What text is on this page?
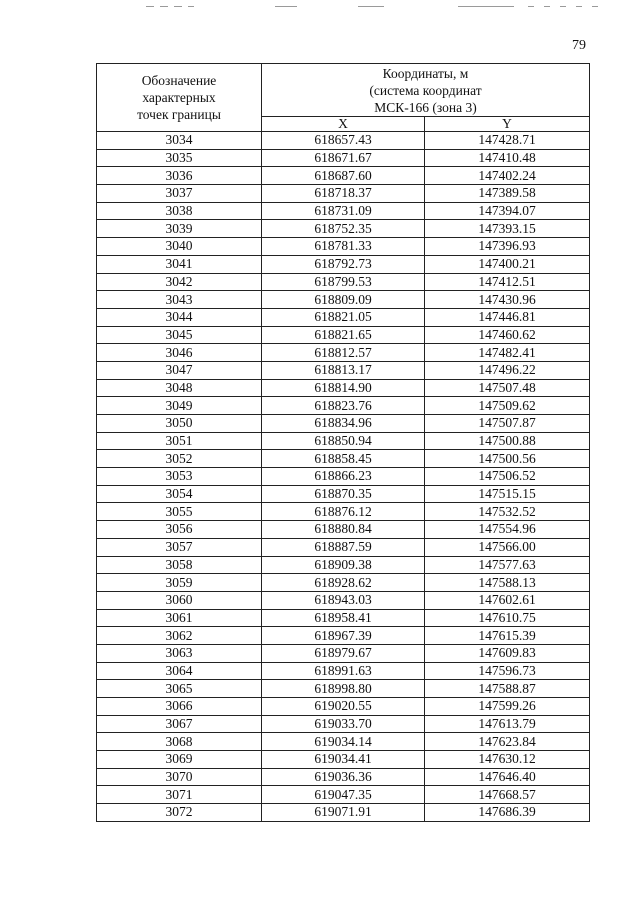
79
Обозначение
характерных
точек границы	Координаты, м
(система координат
МСК-166 (зона 3)	

	X	Y
3034	618657.43	147428.71
3035	618671.67	147410.48
3036	618687.60	147402.24
3037	618718.37	147389.58
3038	618731.09	147394.07
3039	618752.35	147393.15
3040	618781.33	147396.93
3041	618792.73	147400.21
3042	618799.53	147412.51
3043	618809.09	147430.96
3044	618821.05	147446.81
3045	618821.65	147460.62
3046	618812.57	147482.41
3047	618813.17	147496.22
3048	618814.90	147507.48
3049	618823.76	147509.62
3050	618834.96	147507.87
3051	618850.94	147500.88
3052	618858.45	147500.56
3053	618866.23	147506.52
3054	618870.35	147515.15
3055	618876.12	147532.52
3056	618880.84	147554.96
3057	618887.59	147566.00
3058	618909.38	147577.63
3059	618928.62	147588.13
3060	618943.03	147602.61
3061	618958.41	147610.75
3062	618967.39	147615.39
3063	618979.67	147609.83
3064	618991.63	147596.73
3065	618998.80	147588.87
3066	619020.55	147599.26
3067	619033.70	147613.79
3068	619034.14	147623.84
3069	619034.41	147630.12
3070	619036.36	147646.40
3071	619047.35	147668.57
3072	619071.91	147686.39
